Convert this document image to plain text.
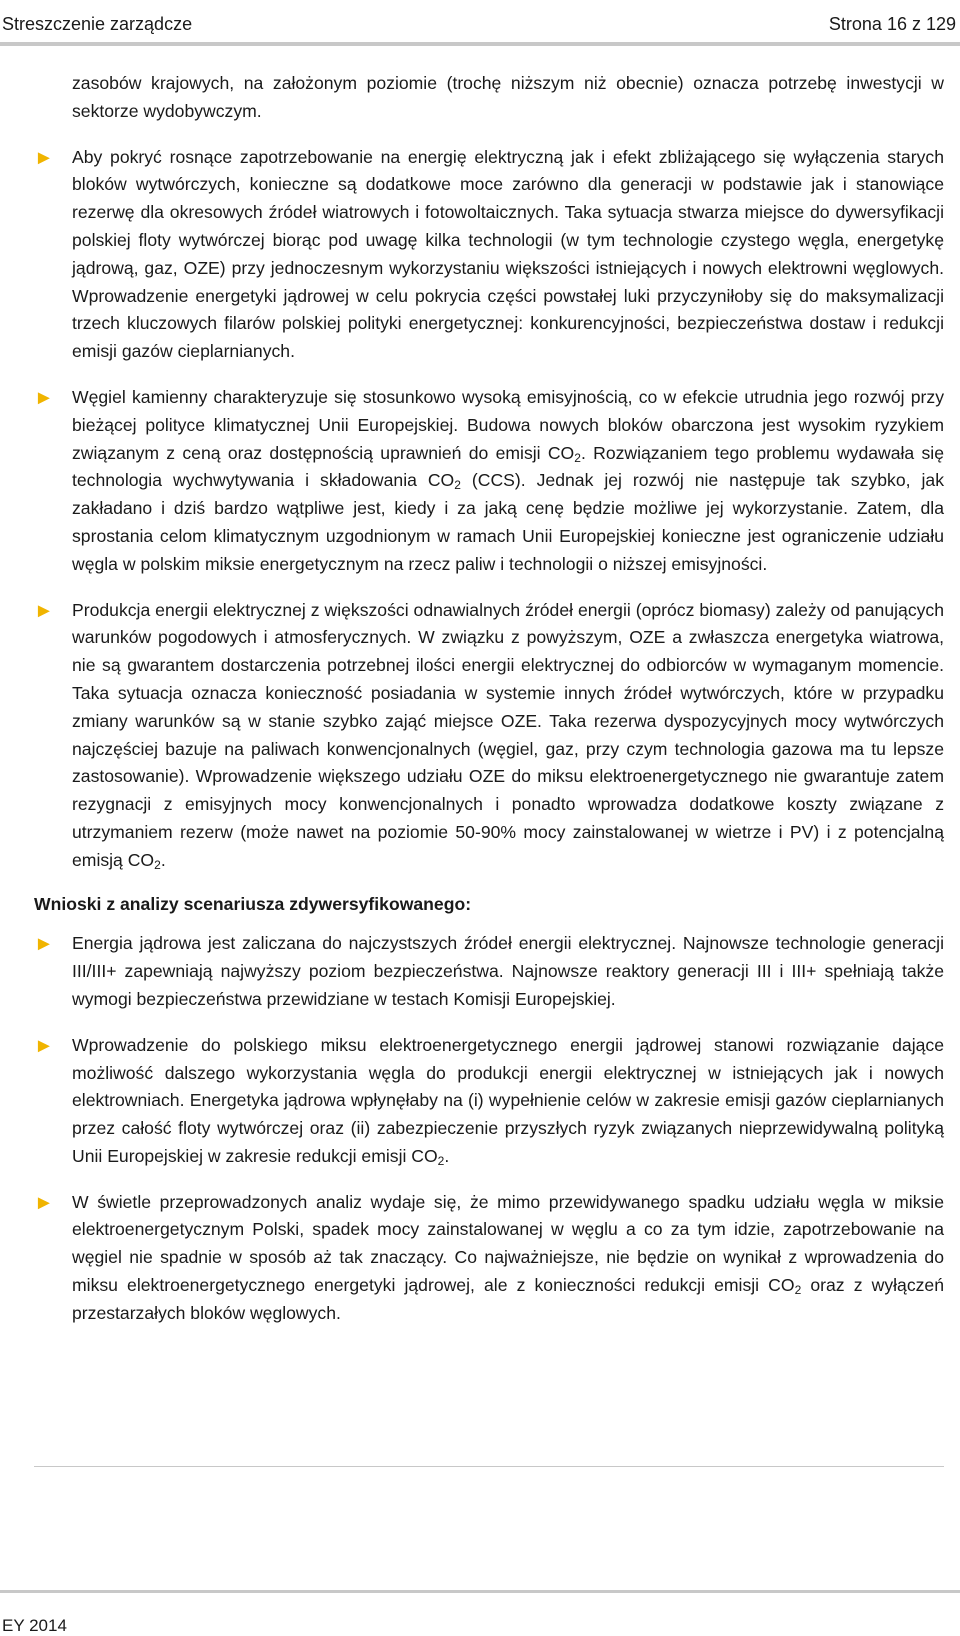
Streszczenie zarządcze	Strona 16 z 129

zasobów krajowych, na założonym poziomie (trochę niższym niż obecnie) oznacza potrzebę inwestycji w sektorze wydobywczym.

► Aby pokryć rosnące zapotrzebowanie na energię elektryczną jak i efekt zbliżającego się wyłączenia starych bloków wytwórczych, konieczne są dodatkowe moce zarówno dla generacji w podstawie jak i stanowiące rezerwę dla okresowych źródeł wiatrowych i fotowoltaicznych. Taka sytuacja stwarza miejsce do dywersyfikacji polskiej floty wytwórczej biorąc pod uwagę kilka technologii (w tym technologie czystego węgla, energetykę jądrową, gaz, OZE) przy jednoczesnym wykorzystaniu większości istniejących i nowych elektrowni węglowych. Wprowadzenie energetyki jądrowej w celu pokrycia części powstałej luki przyczyniłoby się do maksymalizacji trzech kluczowych filarów polskiej polityki energetycznej: konkurencyjności, bezpieczeństwa dostaw i redukcji emisji gazów cieplarnianych.

► Węgiel kamienny charakteryzuje się stosunkowo wysoką emisyjnością, co w efekcie utrudnia jego rozwój przy bieżącej polityce klimatycznej Unii Europejskiej. Budowa nowych bloków obarczona jest wysokim ryzykiem związanym z ceną oraz dostępnością uprawnień do emisji $CO_2$. Rozwiązaniem tego problemu wydawała się technologia wychwytywania i składowania $CO_2$ (CCS). Jednak jej rozwój nie następuje tak szybko, jak zakładano i dziś bardzo wątpliwe jest, kiedy i za jaką cenę będzie możliwe jej wykorzystanie. Zatem, dla sprostania celom klimatycznym uzgodnionym w ramach Unii Europejskiej konieczne jest ograniczenie udziału węgla w polskim miksie energetycznym na rzecz paliw i technologii o niższej emisyjności.

► Produkcja energii elektrycznej z większości odnawialnych źródeł energii (oprócz biomasy) zależy od panujących warunków pogodowych i atmosferycznych. W związku z powyższym, OZE a zwłaszcza energetyka wiatrowa, nie są gwarantem dostarczenia potrzebnej ilości energii elektrycznej do odbiorców w wymaganym momencie. Taka sytuacja oznacza konieczność posiadania w systemie innych źródeł wytwórczych, które w przypadku zmiany warunków są w stanie szybko zająć miejsce OZE. Taka rezerwa dyspozycyjnych mocy wytwórczych najczęściej bazuje na paliwach konwencjonalnych (węgiel, gaz, przy czym technologia gazowa ma tu lepsze zastosowanie). Wprowadzenie większego udziału OZE do miksu elektroenergetycznego nie gwarantuje zatem rezygnacji z emisyjnych mocy konwencjonalnych i ponadto wprowadza dodatkowe koszty związane z utrzymaniem rezerw (może nawet na poziomie 50-90% mocy zainstalowanej w wietrze i PV) i z potencjalną emisją $CO_2$.

Wnioski z analizy scenariusza zdywersyfikowanego:

► Energia jądrowa jest zaliczana do najczystszych źródeł energii elektrycznej. Najnowsze technologie generacji III/III+ zapewniają najwyższy poziom bezpieczeństwa. Najnowsze reaktory generacji III i III+ spełniają także wymogi bezpieczeństwa przewidziane w testach Komisji Europejskiej.

► Wprowadzenie do polskiego miksu elektroenergetycznego energii jądrowej stanowi rozwiązanie dające możliwość dalszego wykorzystania węgla do produkcji energii elektrycznej w istniejących jak i nowych elektrowniach. Energetyka jądrowa wpłynęłaby na (i) wypełnienie celów w zakresie emisji gazów cieplarnianych przez całość floty wytwórczej oraz (ii) zabezpieczenie przyszłych ryzyk związanych nieprzewidywalną polityką Unii Europejskiej w zakresie redukcji emisji $CO_2$.

► W świetle przeprowadzonych analiz wydaje się, że mimo przewidywanego spadku udziału węgla w miksie elektroenergetycznym Polski, spadek mocy zainstalowanej w węglu a co za tym idzie, zapotrzebowanie na węgiel nie spadnie w sposób aż tak znaczący. Co najważniejsze, nie będzie on wynikał z wprowadzenia do miksu elektroenergetycznego energetyki jądrowej, ale z konieczności redukcji emisji $CO_2$ oraz z wyłączeń przestarzałych bloków węglowych.

EY 2014
